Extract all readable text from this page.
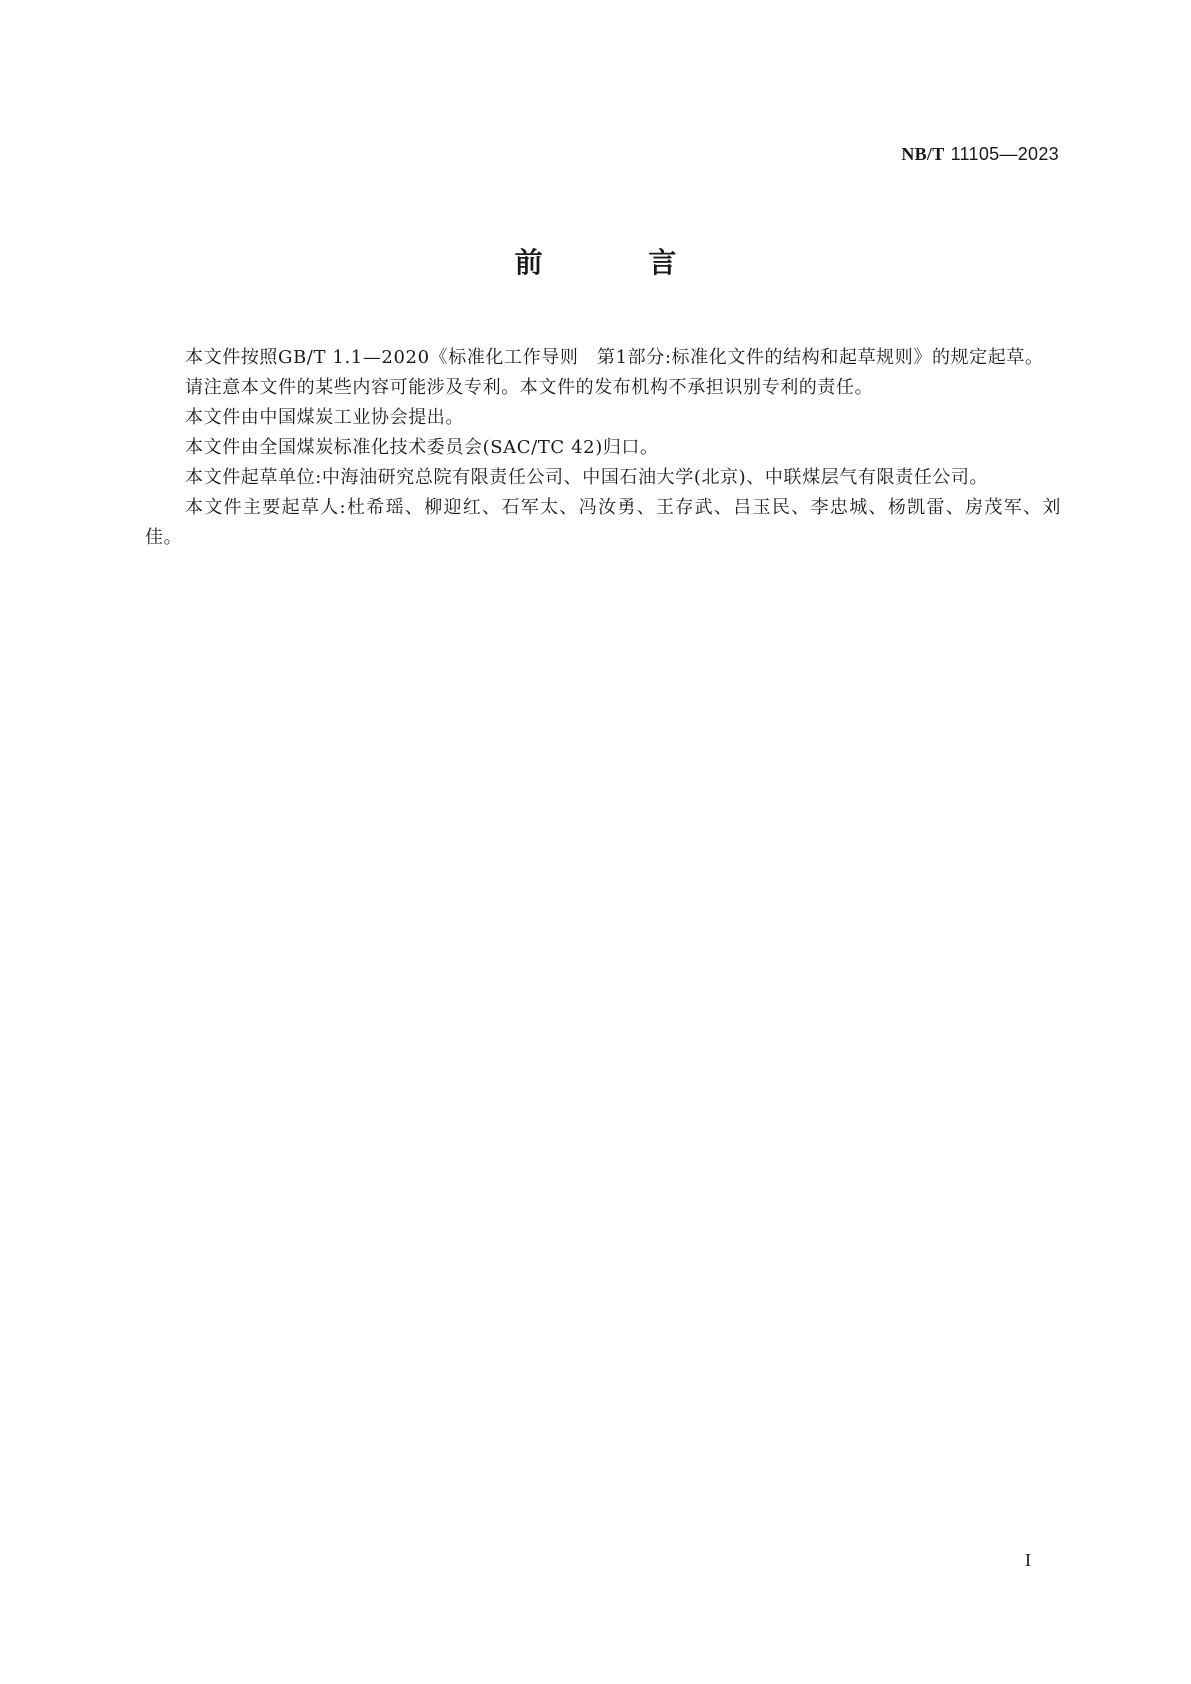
NB/T 11105—2023
前 言

本文件按照GB/T 1.1—2020《标准化工作导则　第1部分:标准化文件的结构和起草规则》的规定起草。

请注意本文件的某些内容可能涉及专利。本文件的发布机构不承担识别专利的责任。

本文件由中国煤炭工业协会提出。

本文件由全国煤炭标准化技术委员会(SAC/TC 42)归口。

本文件起草单位:中海油研究总院有限责任公司、中国石油大学(北京)、中联煤层气有限责任公司。

本文件主要起草人:杜希瑶、柳迎红、石军太、冯汝勇、王存武、吕玉民、李忠城、杨凯雷、房茂军、刘佳。

I
